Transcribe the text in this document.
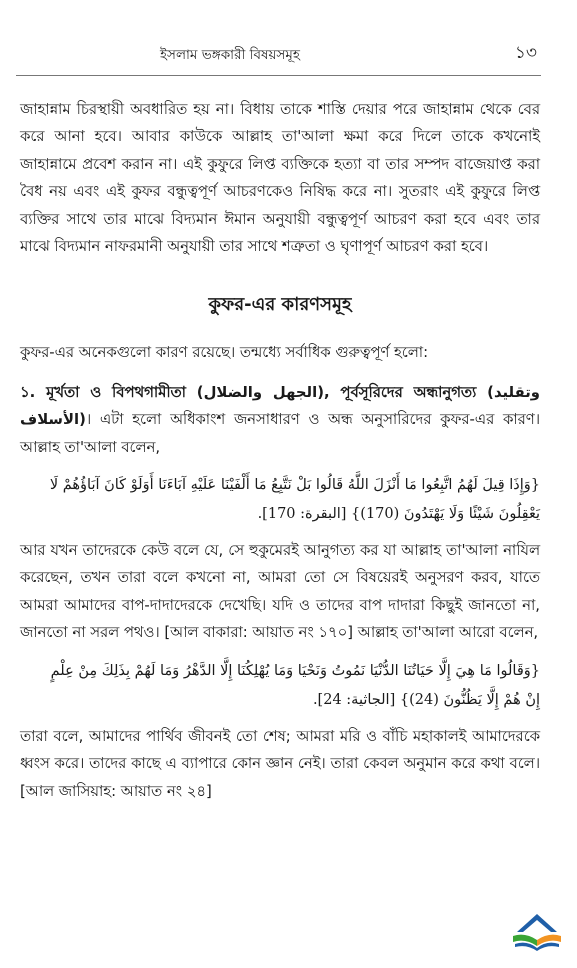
ইসলাম ভঙ্গকারী বিষয়সমূহ	১৩

জাহান্নাম চিরস্থায়ী অবধারিত হয় না। বিধায় তাকে শাস্তি দেয়ার পরে জাহান্নাম থেকে বের করে আনা হবে। আবার কাউকে আল্লাহ তা'আলা ক্ষমা করে দিলে তাকে কখনোই জাহান্নামে প্রবেশ করান না। এই কুফুরে লিপ্ত ব্যক্তিকে হত্যা বা তার সম্পদ বাজেয়াপ্ত করা বৈধ নয় এবং এই কুফর বন্ধুত্বপূর্ণ আচরণকেও নিষিদ্ধ করে না। সুতরাং এই কুফুরে লিপ্ত ব্যক্তির সাথে তার মাঝে বিদ্যমান ঈমান অনুযায়ী বন্ধুত্বপূর্ণ আচরণ করা হবে এবং তার মাঝে বিদ্যমান নাফরমানী অনুযায়ী তার সাথে শত্রুতা ও ঘৃণাপূর্ণ আচরণ করা হবে।

কুফর-এর কারণসমূহ

কুফর-এর অনেকগুলো কারণ রয়েছে। তন্মধ্যে সর্বাধিক গুরুত্বপূর্ণ হলো:

১. মূর্খতা ও বিপথগামীতা (الجهل والضلال), পূর্বসূরিদের অন্ধানুগত্য (وتقليد الأسلاف)। এটা হলো অধিকাংশ জনসাধারণ ও অন্ধ অনুসারিদের কুফর-এর কারণ। আল্লাহ তা'আলা বলেন,

{وَإِذَا قِيلَ لَهُمُ اتَّبِعُوا مَا أَنْزَلَ اللَّهُ قَالُوا بَلْ نَتَّبِعُ مَا أَلْفَيْنَا عَلَيْهِ آبَاءَنَا أَوَلَوْ كَانَ آبَاؤُهُمْ لَا
يَعْقِلُونَ شَيْئًا وَلَا يَهْتَدُونَ (170)} [البقرة: 170].

আর যখন তাদেরকে কেউ বলে যে, সে হুকুমেরই আনুগত্য কর যা আল্লাহ তা'আলা নাযিল করেছেন, তখন তারা বলে কখনো না, আমরা তো সে বিষয়েরই অনুসরণ করব, যাতে আমরা আমাদের বাপ-দাদাদেরকে দেখেছি। যদি ও তাদের বাপ দাদারা কিছুই জানতো না, জানতো না সরল পথও। [আল বাকারা: আয়াত নং ১৭০] আল্লাহ তা'আলা আরো বলেন,

{وَقَالُوا مَا هِيَ إِلَّا حَيَاتُنَا الدُّنْيَا نَمُوتُ وَنَحْيَا وَمَا يُهْلِكُنَا إِلَّا الدَّهْرُ وَمَا لَهُمْ بِذَلِكَ مِنْ عِلْمٍ
إِنْ هُمْ إِلَّا يَظُنُّونَ (24)} [الجاثية: 24].

তারা বলে, আমাদের পার্থিব জীবনই তো শেষ; আমরা মরি ও বাঁচি মহাকালই আমাদেরকে ধ্বংস করে। তাদের কাছে এ ব্যাপারে কোন জ্ঞান নেই। তারা কেবল অনুমান করে কথা বলে। [আল জাসিয়াহ: আয়াত নং ২৪]
